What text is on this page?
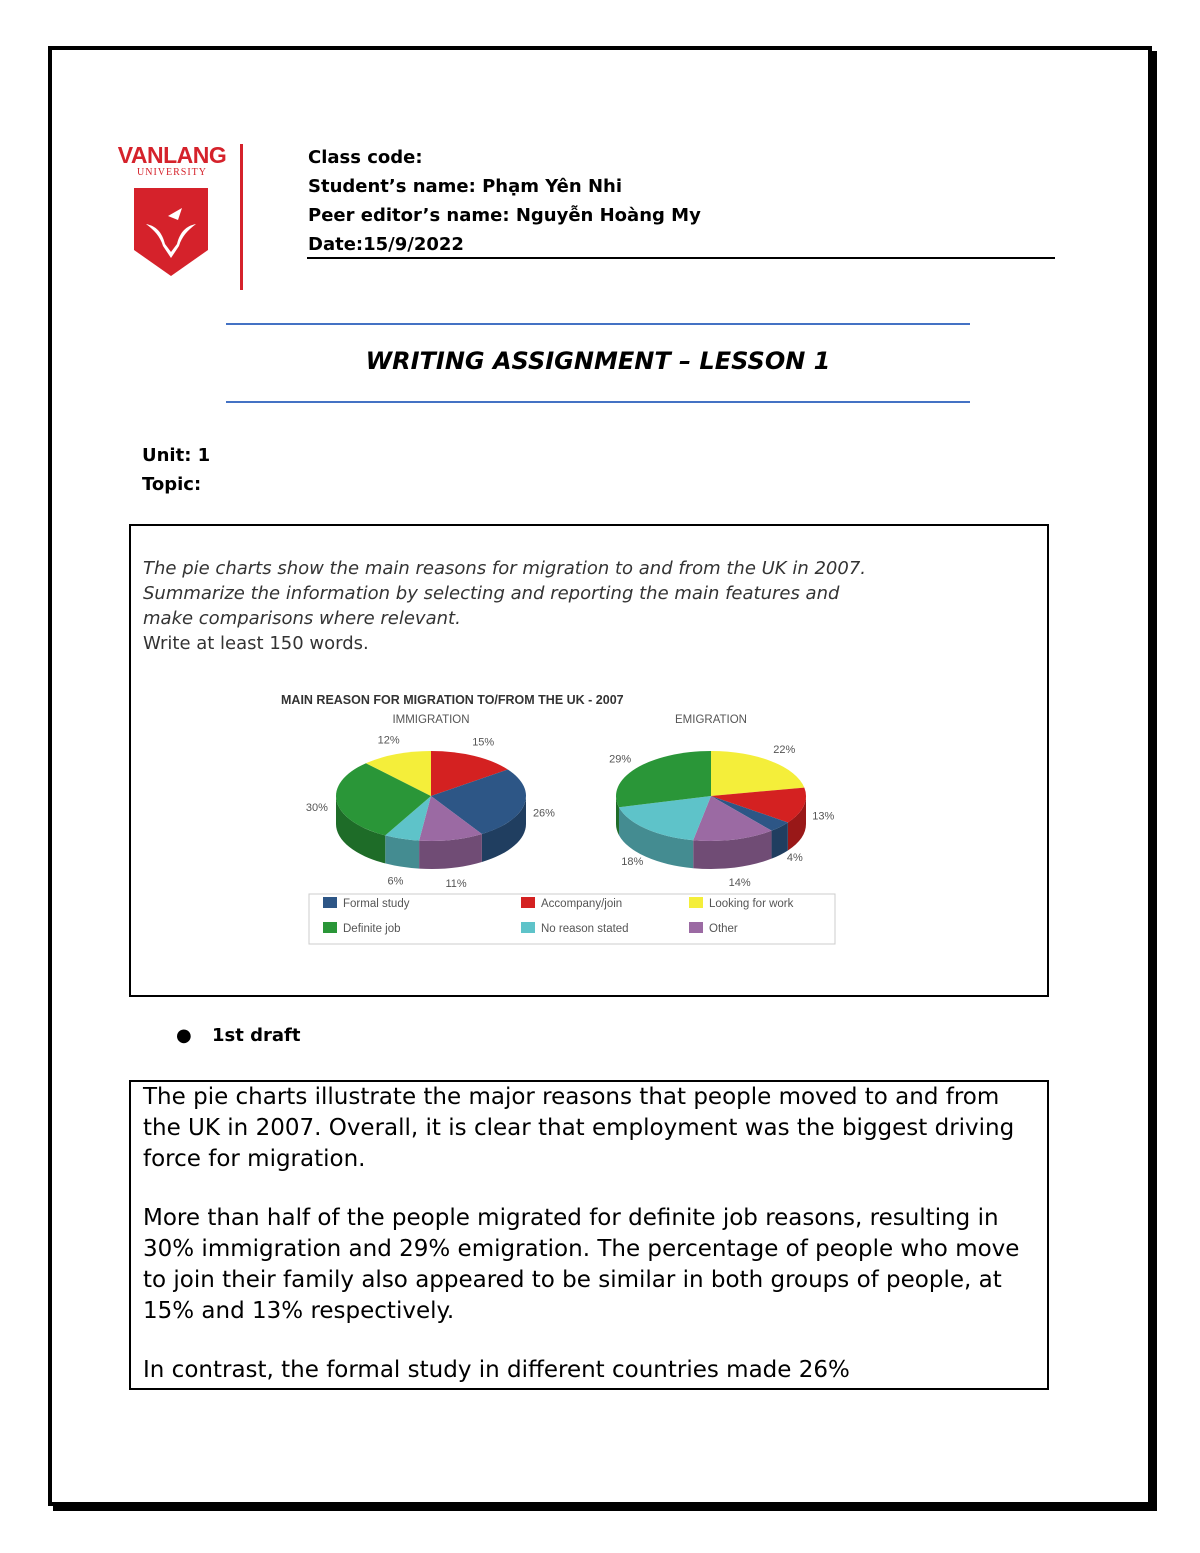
VANLANG
UNIVERSITY
Class code:
Student’s name: Phạm Yên Nhi
Peer editor’s name: Nguyễn Hoàng My
Date:15/9/2022
WRITING ASSIGNMENT – LESSON 1
Unit: 1
Topic:
The pie charts show the main reasons for migration to and from the UK in 2007.
Summarize the information by selecting and reporting the main features and
make comparisons where relevant.
Write at least 150 words.
MAIN REASON FOR MIGRATION TO/FROM THE UK - 2007
IMMIGRATION	EMIGRATION
15%
26%
11%
6%
30%
12%
22%
13%
4%
14%
18%
29%
Formal study	Accompany/join	Looking for work
Definite job	No reason stated	Other
● 1st draft

The pie charts illustrate the major reasons that people moved to and from the UK in 2007. Overall, it is clear that employment was the biggest driving force for migration.

More than half of the people migrated for definite job reasons, resulting in 30% immigration and 29% emigration. The percentage of people who move to join their family also appeared to be similar in both groups of people, at 15% and 13% respectively.

In contrast, the formal study in different countries made 26%
